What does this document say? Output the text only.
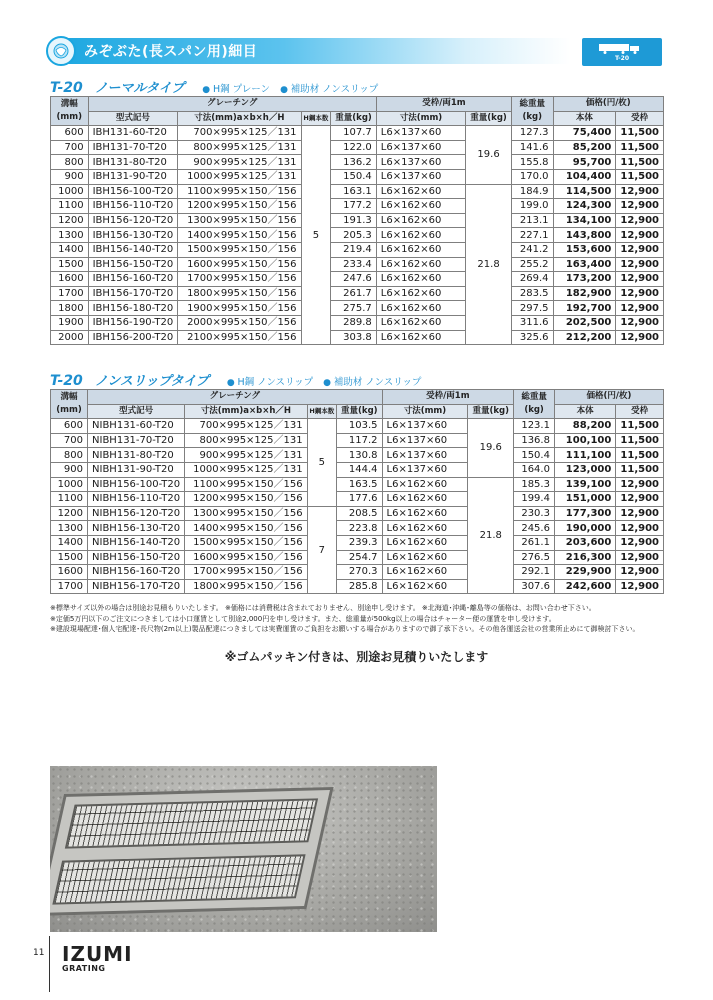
みぞぶた(長スパン用)細目	T-20
T-20 ノーマルタイプ ● H鋼 プレーン ● 補助材 ノンスリップ
溝幅
(mm)	グレーチング				受枠/両1m		総重量
(kg)	価格(円/枚)	
	型式記号	寸法(mm)a×b×h／H	H鋼本数	重量(kg)	寸法(mm)	重量(kg)		本体	受枠
600	IBH131-60-T20	700×995×125／131	5	107.7	L6×137×60	19.6	127.3	75,400	11,500
700	IBH131-70-T20	800×995×125／131		122.0	L6×137×60		141.6	85,200	11,500
800	IBH131-80-T20	900×995×125／131		136.2	L6×137×60		155.8	95,700	11,500
900	IBH131-90-T20	1000×995×125／131		150.4	L6×137×60		170.0	104,400	11,500
1000	IBH156-100-T20	1100×995×150／156		163.1	L6×162×60	21.8	184.9	114,500	12,900
1100	IBH156-110-T20	1200×995×150／156		177.2	L6×162×60		199.0	124,300	12,900
1200	IBH156-120-T20	1300×995×150／156		191.3	L6×162×60		213.1	134,100	12,900
1300	IBH156-130-T20	1400×995×150／156		205.3	L6×162×60		227.1	143,800	12,900
1400	IBH156-140-T20	1500×995×150／156		219.4	L6×162×60		241.2	153,600	12,900
1500	IBH156-150-T20	1600×995×150／156		233.4	L6×162×60		255.2	163,400	12,900
1600	IBH156-160-T20	1700×995×150／156		247.6	L6×162×60		269.4	173,200	12,900
1700	IBH156-170-T20	1800×995×150／156		261.7	L6×162×60		283.5	182,900	12,900
1800	IBH156-180-T20	1900×995×150／156		275.7	L6×162×60		297.5	192,700	12,900
1900	IBH156-190-T20	2000×995×150／156		289.8	L6×162×60		311.6	202,500	12,900
2000	IBH156-200-T20	2100×995×150／156		303.8	L6×162×60		325.6	212,200	12,900
T-20 ノンスリップタイプ ● H鋼 ノンスリップ ● 補助材 ノンスリップ
溝幅
(mm)	グレーチング				受枠/両1m		総重量
(kg)	価格(円/枚)	
	型式記号	寸法(mm)a×b×h／H	H鋼本数	重量(kg)	寸法(mm)	重量(kg)		本体	受枠
600	NIBH131-60-T20	700×995×125／131	5	103.5	L6×137×60	19.6	123.1	88,200	11,500
700	NIBH131-70-T20	800×995×125／131		117.2	L6×137×60		136.8	100,100	11,500
800	NIBH131-80-T20	900×995×125／131		130.8	L6×137×60		150.4	111,100	11,500
900	NIBH131-90-T20	1000×995×125／131		144.4	L6×137×60		164.0	123,000	11,500
1000	NIBH156-100-T20	1100×995×150／156		163.5	L6×162×60	21.8	185.3	139,100	12,900
1100	NIBH156-110-T20	1200×995×150／156		177.6	L6×162×60		199.4	151,000	12,900
1200	NIBH156-120-T20	1300×995×150／156	7	208.5	L6×162×60		230.3	177,300	12,900
1300	NIBH156-130-T20	1400×995×150／156		223.8	L6×162×60		245.6	190,000	12,900
1400	NIBH156-140-T20	1500×995×150／156		239.3	L6×162×60		261.1	203,600	12,900
1500	NIBH156-150-T20	1600×995×150／156		254.7	L6×162×60		276.5	216,300	12,900
1600	NIBH156-160-T20	1700×995×150／156		270.3	L6×162×60		292.1	229,900	12,900
1700	NIBH156-170-T20	1800×995×150／156		285.8	L6×162×60		307.6	242,600	12,900

※標準サイズ以外の場合は別途お見積もりいたします。 ※価格には消費税は含まれておりません、別途申し受けます。 ※北海道･沖縄･離島等の価格は、お問い合わせ下さい。

※定価5万円以下のご注文につきましては小口運賃として別途2,000円を申し受けます。また、総重量が500kg以上の場合はチャーター便の運賃を申し受けます。

※建設現場配達･個人宅配達･長尺物(2m以上)製品配達につきましては実費運賃のご負担をお願いする場合がありますので御了承下さい。その他各運送会社の営業所止めにて御検討下さい。

※ゴムパッキン付きは、別途お見積りいたします
11 IZUMI
GRATING
